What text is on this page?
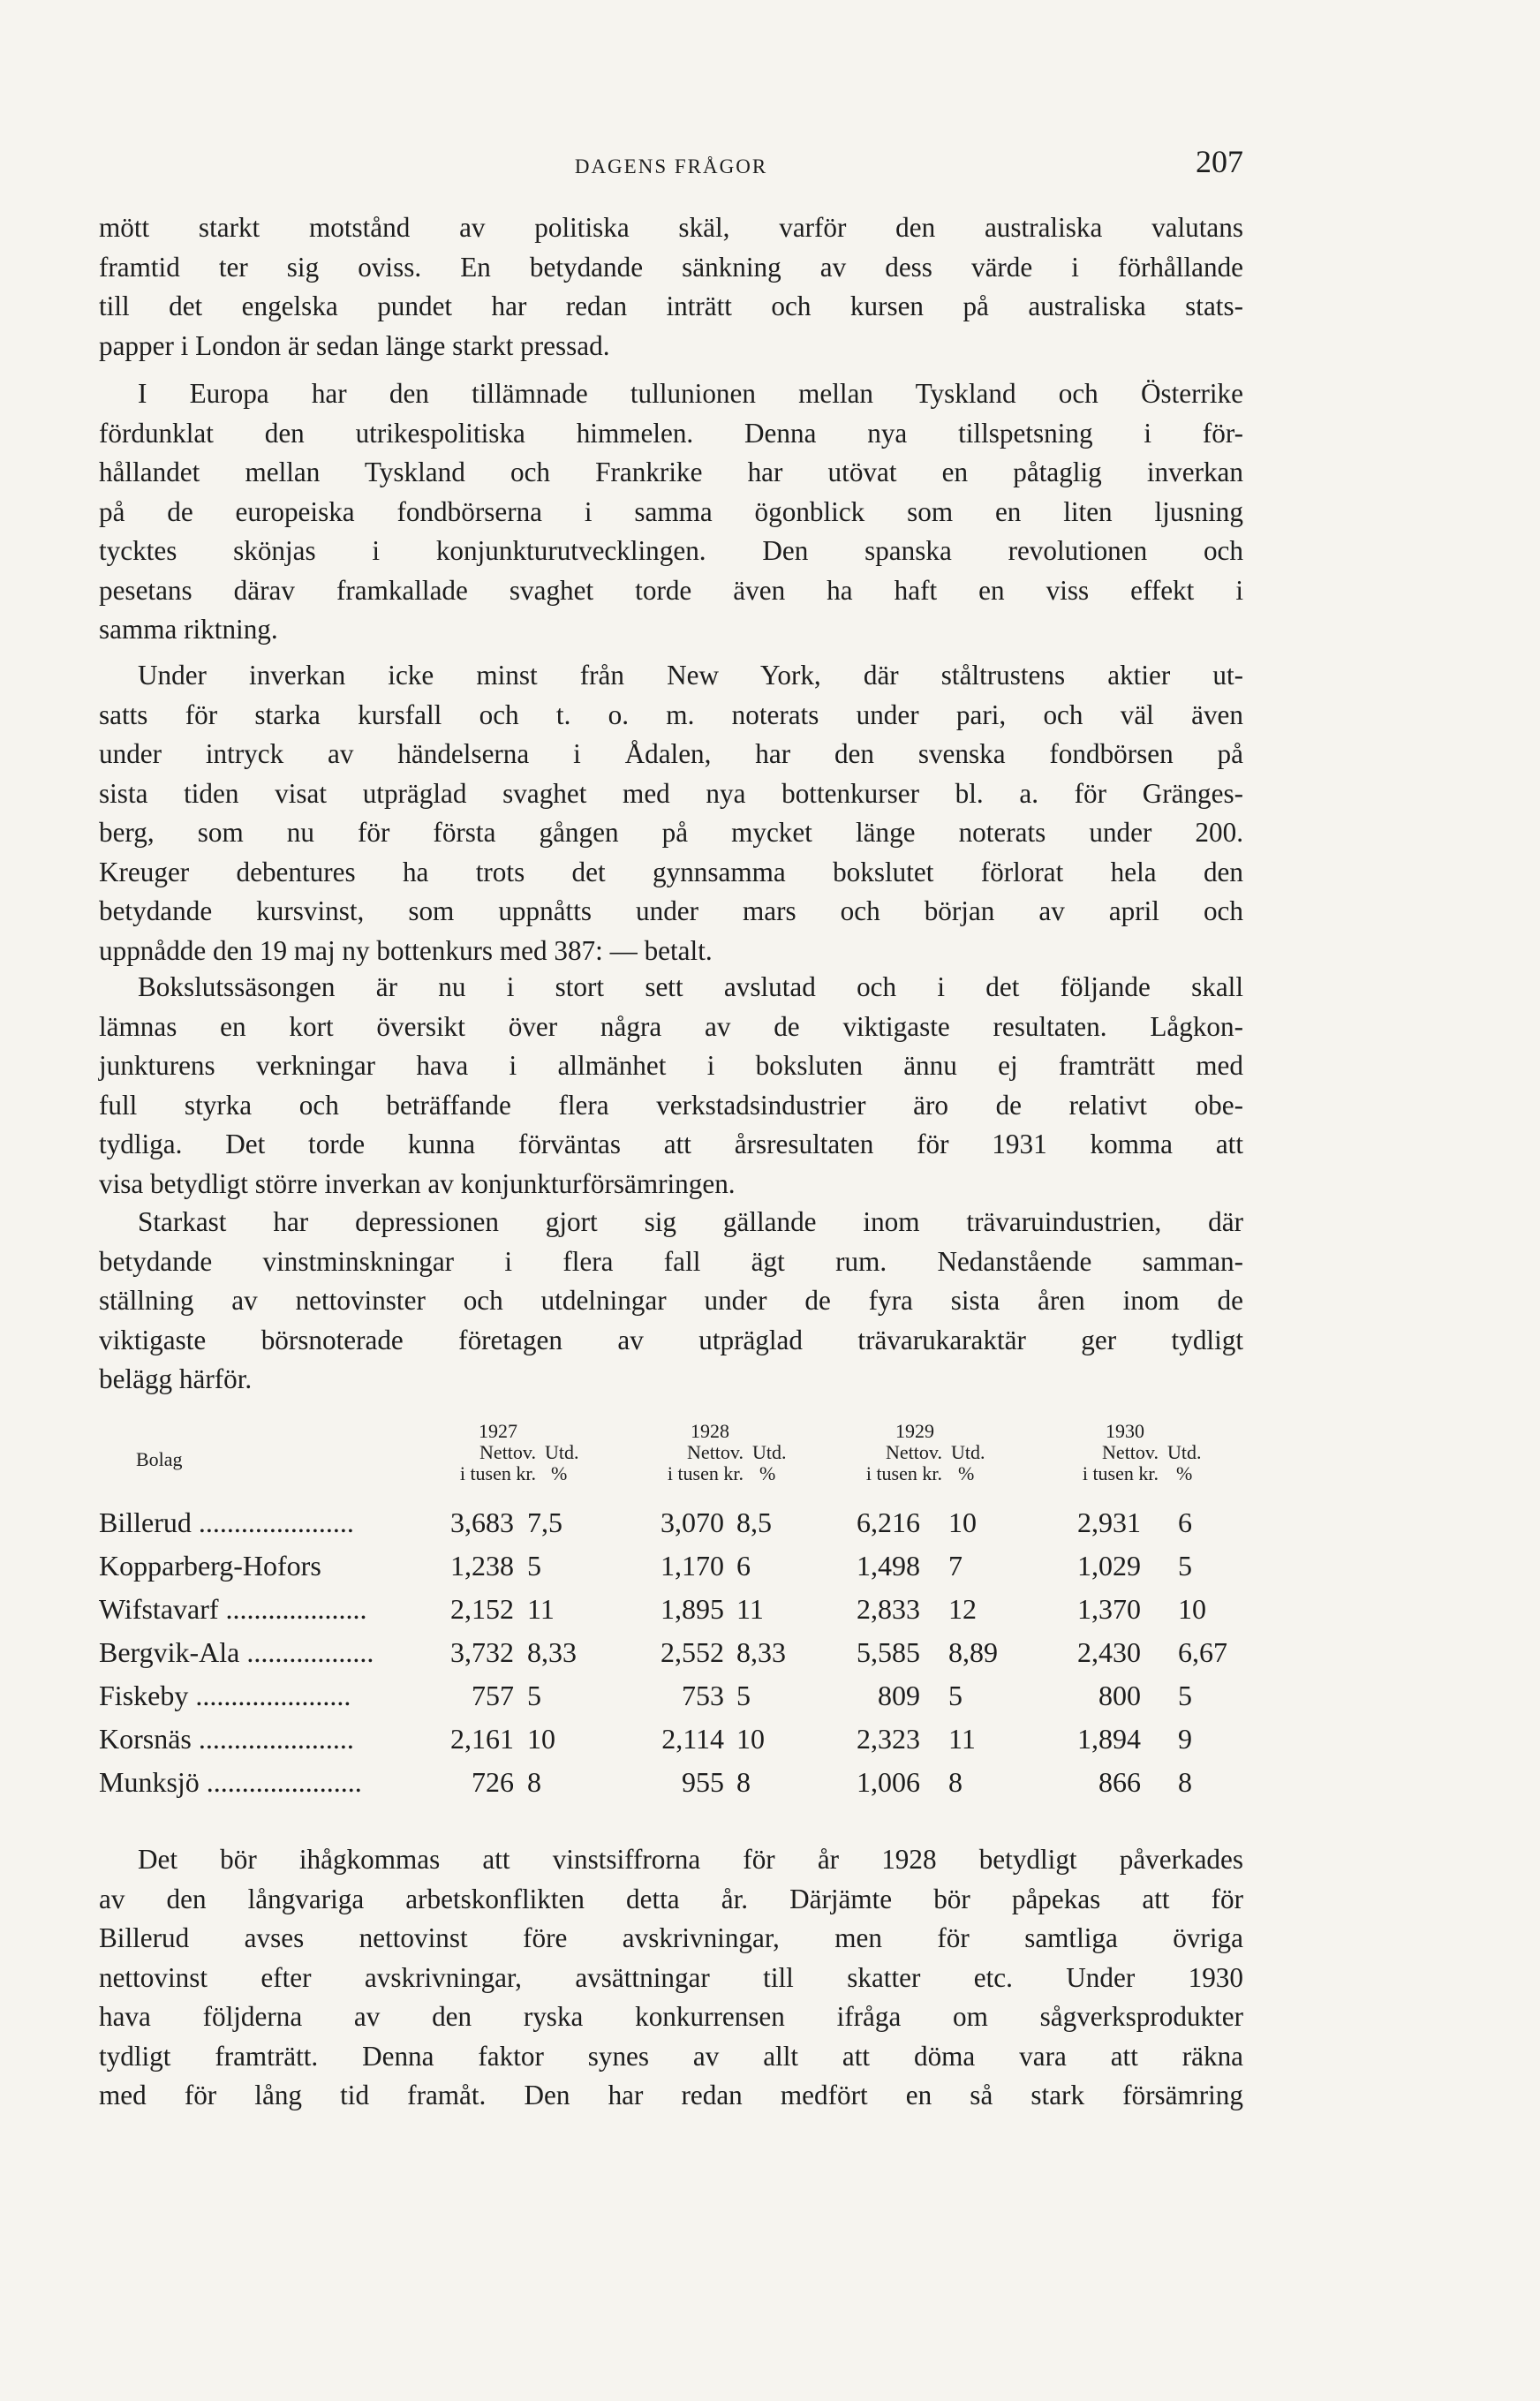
DAGENS FRÅGOR	207
mött starkt motstånd av politiska skäl, varför den australiska valutans
framtid ter sig oviss. En betydande sänkning av dess värde i förhållande
till det engelska pundet har redan inträtt och kursen på australiska stats-
papper i London är sedan länge starkt pressad.
I Europa har den tillämnade tullunionen mellan Tyskland och Österrike
fördunklat den utrikespolitiska himmelen. Denna nya tillspetsning i för-
hållandet mellan Tyskland och Frankrike har utövat en påtaglig inverkan
på de europeiska fondbörserna i samma ögonblick som en liten ljusning
tycktes skönjas i konjunkturutvecklingen. Den spanska revolutionen och
pesetans därav framkallade svaghet torde även ha haft en viss effekt i
samma riktning.
Under inverkan icke minst från New York, där ståltrustens aktier ut-
satts för starka kursfall och t. o. m. noterats under pari, och väl även
under intryck av händelserna i Ådalen, har den svenska fondbörsen på
sista tiden visat utpräglad svaghet med nya bottenkurser bl. a. för Gränges-
berg, som nu för första gången på mycket länge noterats under 200.
Kreuger debentures ha trots det gynnsamma bokslutet förlorat hela den
betydande kursvinst, som uppnåtts under mars och början av april och
uppnådde den 19 maj ny bottenkurs med 387: — betalt.
Bokslutssäsongen är nu i stort sett avslutad och i det följande skall
lämnas en kort översikt över några av de viktigaste resultaten. Lågkon-
junkturens verkningar hava i allmänhet i boksluten ännu ej framträtt med
full styrka och beträffande flera verkstadsindustrier äro de relativt obe-
tydliga. Det torde kunna förväntas att årsresultaten för 1931 komma att
visa betydligt större inverkan av konjunkturförsämringen.
Starkast har depressionen gjort sig gällande inom trävaruindustrien, där
betydande vinstminskningar i flera fall ägt rum. Nedanstående samman-
ställning av nettovinster och utdelningar under de fyra sista åren inom de
viktigaste börsnoterade företagen av utpräglad trävarukaraktär ger tydligt
belägg härför.
Bolag
1927
Nettov. Utd.
i tusen kr. %
1928
Nettov. Utd.
i tusen kr. %
1929
Nettov. Utd.
i tusen kr. %
1930
Nettov. Utd.
i tusen kr. %
Billerud ......................	3,683 7,5	3,070 8,5	6,216 10	2,931 6
Kopparberg-Hofors	1,238 5	1,170 6	1,498 7	1,029 5
Wifstavarf ....................	2,152 11	1,895 11	2,833 12	1,370 10
Bergvik-Ala ..................	3,732 8,33	2,552 8,33	5,585 8,89	2,430 6,67
Fiskeby ......................	757 5	753 5	809 5	800 5
Korsnäs ......................	2,161 10	2,114 10	2,323 11	1,894 9
Munksjö ......................	726 8	955 8	1,006 8	866 8
Det bör ihågkommas att vinstsiffrorna för år 1928 betydligt påverkades
av den långvariga arbetskonflikten detta år. Därjämte bör påpekas att för
Billerud avses nettovinst före avskrivningar, men för samtliga övriga
nettovinst efter avskrivningar, avsättningar till skatter etc. Under 1930
hava följderna av den ryska konkurrensen ifråga om sågverksprodukter
tydligt framträtt. Denna faktor synes av allt att döma vara att räkna
med för lång tid framåt. Den har redan medfört en så stark försämring
